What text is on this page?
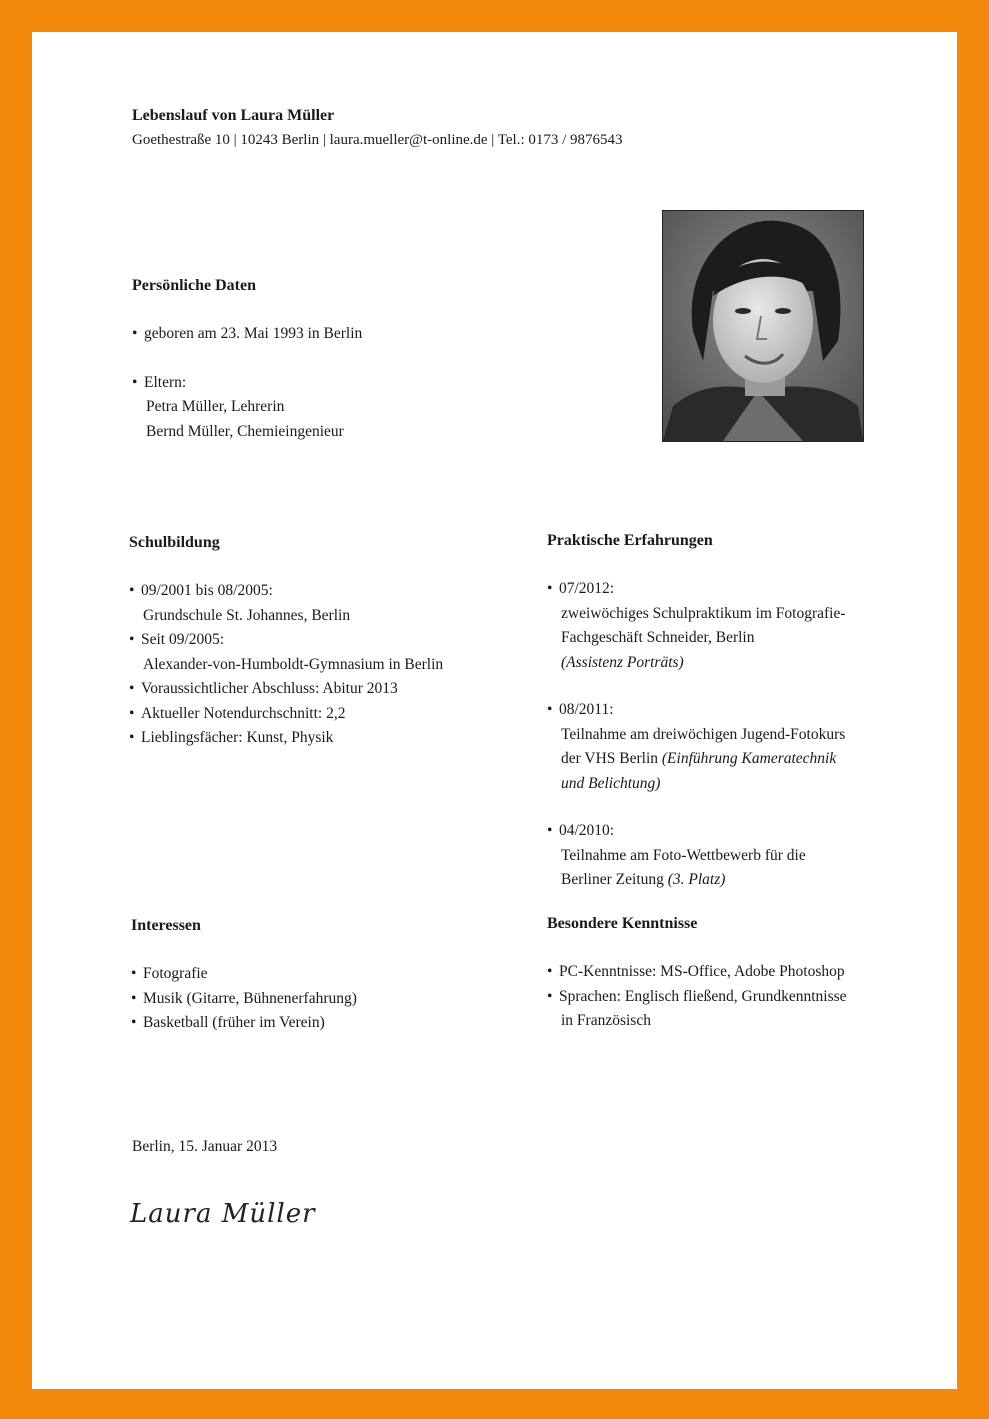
Lebenslauf von Laura Müller
Goethestraße 10 | 10243 Berlin | laura.mueller@t-online.de | Tel.: 0173 / 9876543
Persönliche Daten
• geboren am 23. Mai 1993 in Berlin
• Eltern:
Petra Müller, Lehrerin
Bernd Müller, Chemieingenieur
Schulbildung
• 09/2001 bis 08/2005:
Grundschule St. Johannes, Berlin
• Seit 09/2005:
Alexander-von-Humboldt-Gymnasium in Berlin
• Voraussichtlicher Abschluss: Abitur 2013
• Aktueller Notendurchschnitt: 2,2
• Lieblingsfächer: Kunst, Physik
Praktische Erfahrungen
• 07/2012:
zweiwöchiges Schulpraktikum im Fotografie-
Fachgeschäft Schneider, Berlin
(Assistenz Porträts)
• 08/2011:
Teilnahme am dreiwöchigen Jugend-Fotokurs
der VHS Berlin (Einführung Kameratechnik
und Belichtung)
• 04/2010:
Teilnahme am Foto-Wettbewerb für die
Berliner Zeitung (3. Platz)
Interessen
• Fotografie
• Musik (Gitarre, Bühnenerfahrung)
• Basketball (früher im Verein)
Besondere Kenntnisse
• PC-Kenntnisse: MS-Office, Adobe Photoshop
• Sprachen: Englisch fließend, Grundkenntnisse
in Französisch
Berlin, 15. Januar 2013
Laura Müller
